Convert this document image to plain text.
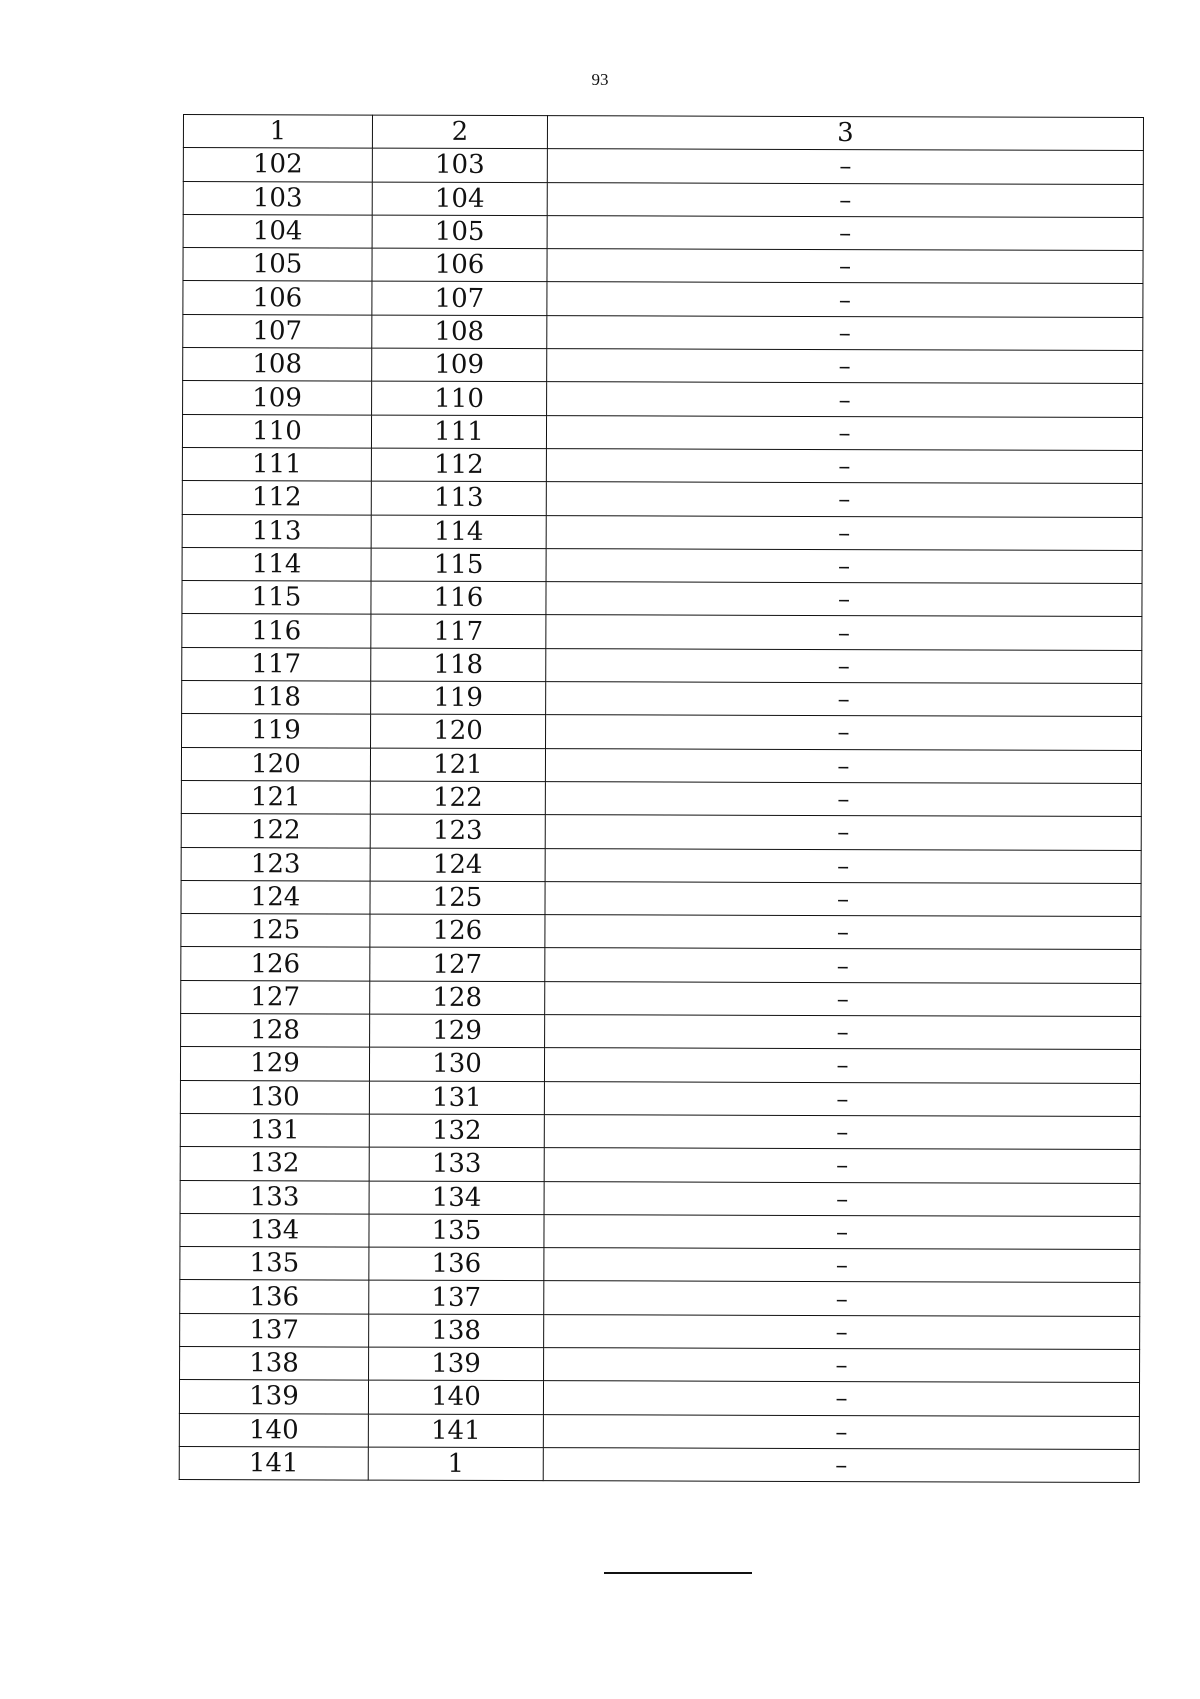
93
1	2	3
102	103	–
103	104	–
104	105	–
105	106	–
106	107	–
107	108	–
108	109	–
109	110	–
110	111	–
111	112	–
112	113	–
113	114	–
114	115	–
115	116	–
116	117	–
117	118	–
118	119	–
119	120	–
120	121	–
121	122	–
122	123	–
123	124	–
124	125	–
125	126	–
126	127	–
127	128	–
128	129	–
129	130	–
130	131	–
131	132	–
132	133	–
133	134	–
134	135	–
135	136	–
136	137	–
137	138	–
138	139	–
139	140	–
140	141	–
141	1	–
